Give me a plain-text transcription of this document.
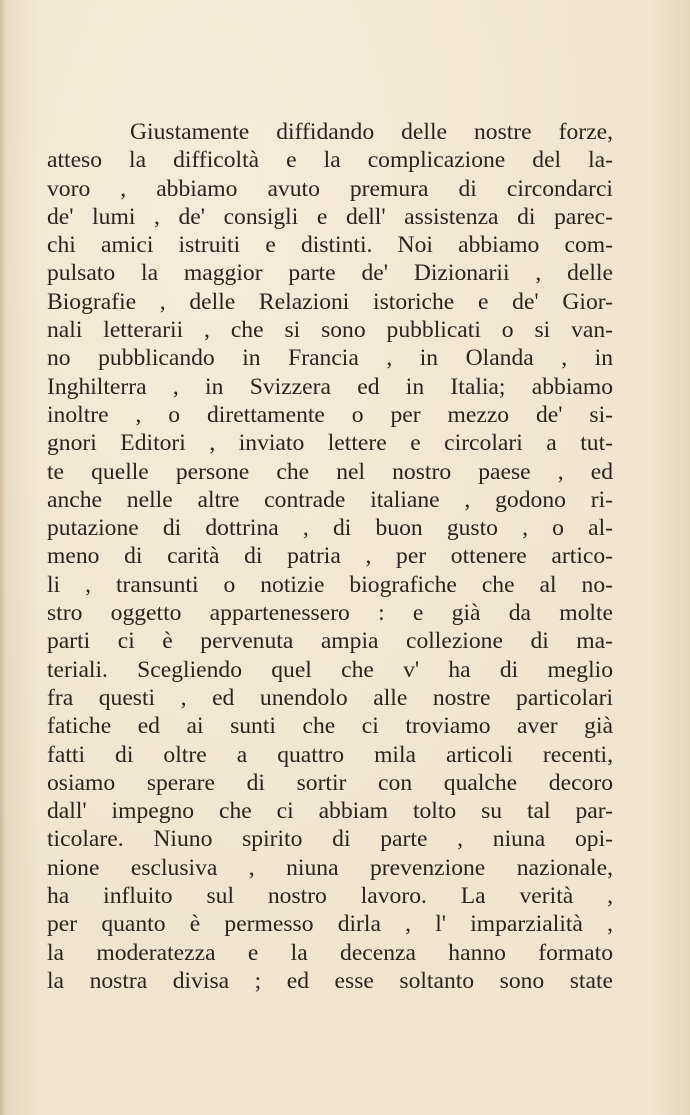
Giustamente diffidando delle nostre forze,
atteso la difficoltà e la complicazione del la-
voro , abbiamo avuto premura di circondarci
de' lumi , de' consigli e dell' assistenza di parec-
chi amici istruiti e distinti. Noi abbiamo com-
pulsato la maggior parte de' Dizionarii , delle
Biografie , delle Relazioni istoriche e de' Gior-
nali letterarii , che si sono pubblicati o si van-
no pubblicando in Francia , in Olanda , in
Inghilterra , in Svizzera ed in Italia; abbiamo
inoltre , o direttamente o per mezzo de' si-
gnori Editori , inviato lettere e circolari a tut-
te quelle persone che nel nostro paese , ed
anche nelle altre contrade italiane , godono ri-
putazione di dottrina , di buon gusto , o al-
meno di carità di patria , per ottenere artico-
li , transunti o notizie biografiche che al no-
stro oggetto appartenessero : e già da molte
parti ci è pervenuta ampia collezione di ma-
teriali. Scegliendo quel che v' ha di meglio
fra questi , ed unendolo alle nostre particolari
fatiche ed ai sunti che ci troviamo aver già
fatti di oltre a quattro mila articoli recenti,
osiamo sperare di sortir con qualche decoro
dall' impegno che ci abbiam tolto su tal par-
ticolare. Niuno spirito di parte , niuna opi-
nione esclusiva , niuna prevenzione nazionale,
ha influito sul nostro lavoro. La verità ,
per quanto è permesso dirla , l' imparzialità ,
la moderatezza e la decenza hanno formato
la nostra divisa ; ed esse soltanto sono state
